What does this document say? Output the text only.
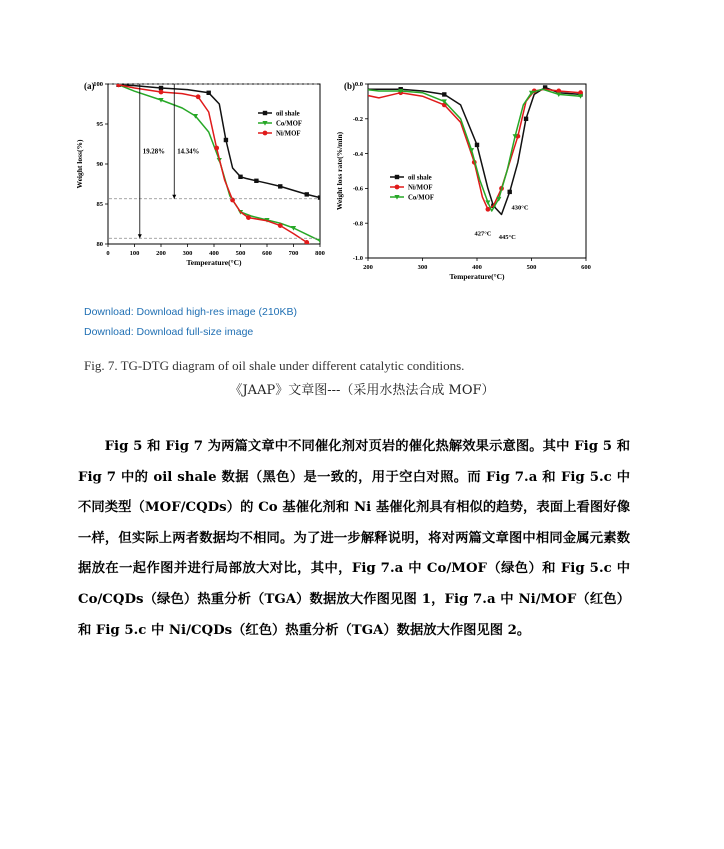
0	100	200	300	400	500	600	700	800
80
85
90
95
100
Temperature(°C)
Weight loss(%)
(a)
oil shale
Co/MOF
Ni/MOF
19.28% 14.34%
200	300	400	500	600
0.0
-0.2
-0.4
-0.6
-0.8
-1.0
Temperature(°C)
Weight loss rate(%/min)
(b)
oil shale
Ni/MOF
Co/MOF
430°C
427°C 445°C
Download: Download high-res image (210KB)
Download: Download full-size image
Fig. 7. TG-DTG diagram of oil shale under different catalytic conditions.
《JAAP》文章图---（采用水热法合成 MOF）

Fig 5 和 Fig 7 为两篇文章中不同催化剂对页岩的催化热解效果示意图。其中 Fig 5 和 Fig 7 中的 oil shale 数据（黑色）是一致的，用于空白对照。而 Fig 7.a 和 Fig 5.c 中不同类型（MOF/CQDs）的 Co 基催化剂和 Ni 基催化剂具有相似的趋势，表面上看图好像一样，但实际上两者数据均不相同。为了进一步解释说明，将对两篇文章图中相同金属元素数据放在一起作图并进行局部放大对比，其中，Fig 7.a 中 Co/MOF（绿色）和 Fig 5.c 中 Co/CQDs（绿色）热重分析（TGA）数据放大作图见图 1，Fig 7.a 中 Ni/MOF（红色）和 Fig 5.c 中 Ni/CQDs（红色）热重分析（TGA）数据放大作图见图 2。
